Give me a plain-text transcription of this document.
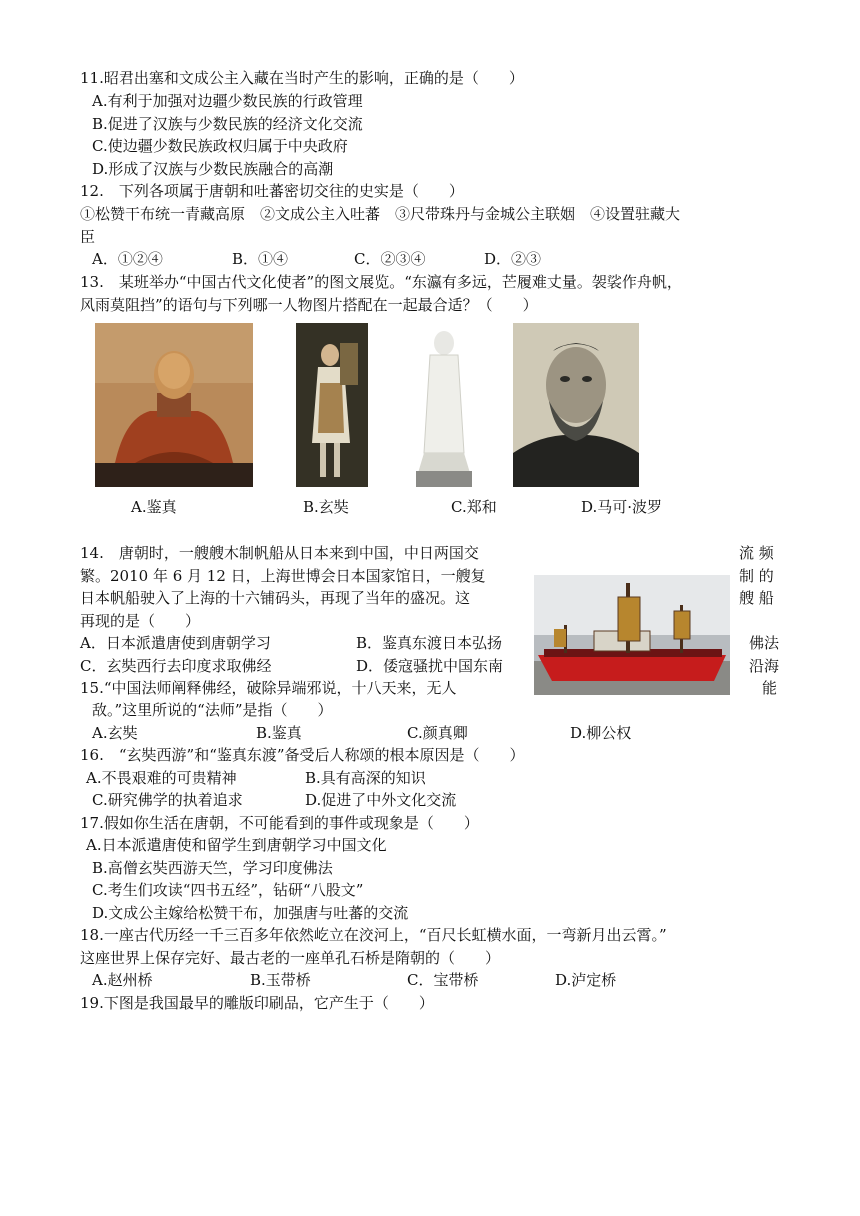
11.昭君出塞和文成公主入藏在当时产生的影响，正确的是（　　）
A.有利于加强对边疆少数民族的行政管理
B.促进了汉族与少数民族的经济文化交流
C.使边疆少数民族政权归属于中央政府
D.形成了汉族与少数民族融合的高潮
12.　下列各项属于唐朝和吐蕃密切交往的史实是（　　）
①松赞干布统一青藏高原　②文成公主入吐蕃　③尺带珠丹与金城公主联姻　④设置驻藏大
臣
A．①②④	B．①④	C．②③④	D．②③
13.　某班举办“中国古代文化使者”的图文展览。“东瀛有多远，芒履难丈量。袈裟作舟帆，
风雨莫阻挡”的语句与下列哪一人物图片搭配在一起最合适？（　　）
A.鉴真	B.玄奘	C.郑和	D.马可·波罗
14.　唐朝时，一艘艘木制帆船从日本来到中国，中日两国交	流 频
繁。2010 年 6 月 12 日，上海世博会日本国家馆日，一艘复	制 的
日本帆船驶入了上海的十六铺码头，再现了当年的盛况。这	艘 船
再现的是（　　）
A．日本派遣唐使到唐朝学习	B．鉴真东渡日本弘扬	佛法
C．玄奘西行去印度求取佛经	D．倭寇骚扰中国东南	沿海
15.“中国法师阐释佛经，破除异端邪说，十八天来，无人	能
敌。”这里所说的“法师”是指（　　）
A.玄奘	B.鉴真	C.颜真卿	D.柳公权
16.　“玄奘西游”和“鉴真东渡”备受后人称颂的根本原因是（　　）
A.不畏艰难的可贵精神	B.具有高深的知识
C.研究佛学的执着追求	D.促进了中外文化交流
17.假如你生活在唐朝，不可能看到的事件或现象是（　　）
A.日本派遣唐使和留学生到唐朝学习中国文化
B.高僧玄奘西游天竺，学习印度佛法
C.考生们攻读“四书五经”，钻研“八股文”
D.文成公主嫁给松赞干布，加强唐与吐蕃的交流
18.一座古代历经一千三百多年依然屹立在洨河上，“百尺长虹横水面，一弯新月出云霄。”
这座世界上保存完好、最古老的一座单孔石桥是隋朝的（　　）
A.赵州桥	B.玉带桥	C．宝带桥	D.泸定桥
19.下图是我国最早的雕版印刷品，它产生于（　　）
